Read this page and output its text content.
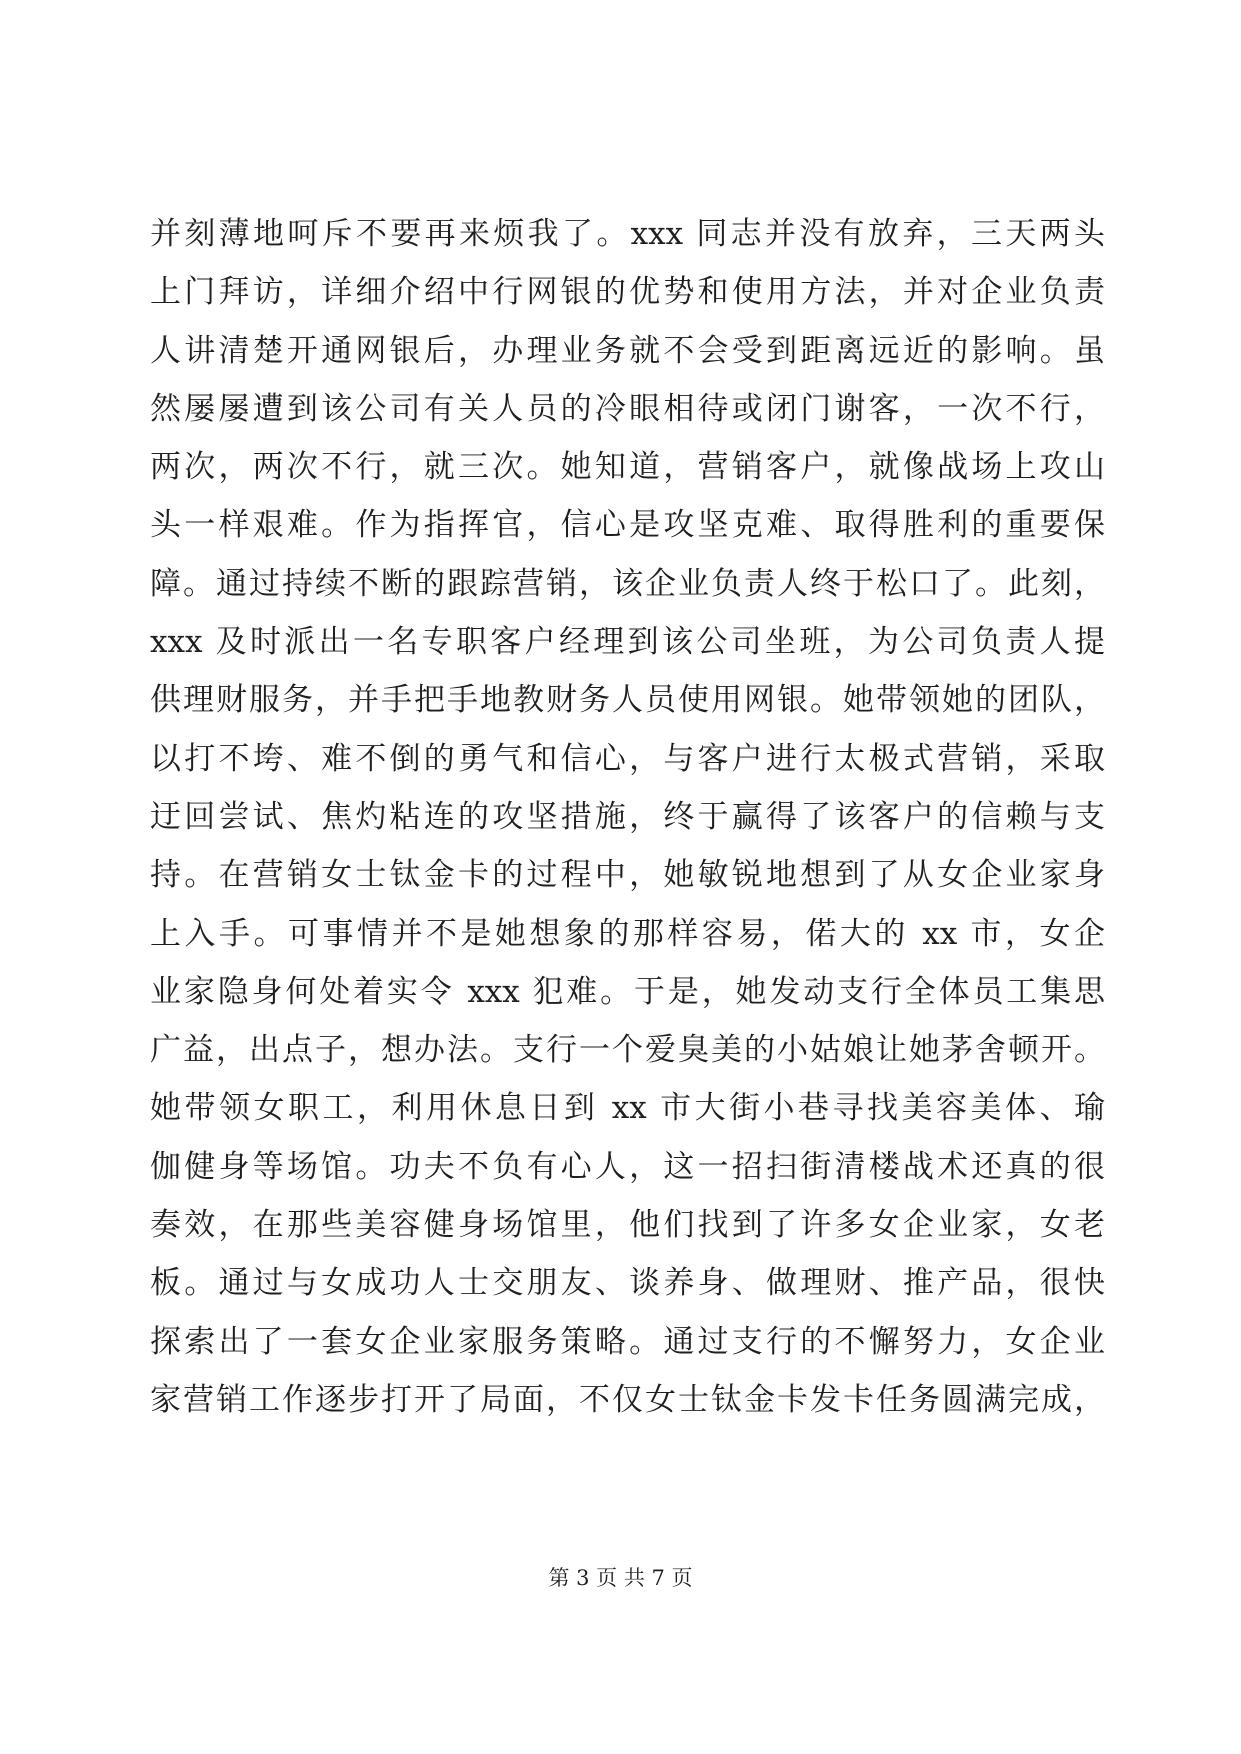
并刻薄地呵斥不要再来烦我了。xxx 同志并没有放弃，三天两头
上门拜访，详细介绍中行网银的优势和使用方法，并对企业负责
人讲清楚开通网银后，办理业务就不会受到距离远近的影响。虽
然屡屡遭到该公司有关人员的冷眼相待或闭门谢客，一次不行，
两次，两次不行，就三次。她知道，营销客户，就像战场上攻山
头一样艰难。作为指挥官，信心是攻坚克难、取得胜利的重要保
障。通过持续不断的跟踪营销，该企业负责人终于松口了。此刻，
xxx 及时派出一名专职客户经理到该公司坐班，为公司负责人提
供理财服务，并手把手地教财务人员使用网银。她带领她的团队，
以打不垮、难不倒的勇气和信心，与客户进行太极式营销，采取
迂回尝试、焦灼粘连的攻坚措施，终于赢得了该客户的信赖与支
持。在营销女士钛金卡的过程中，她敏锐地想到了从女企业家身
上入手。可事情并不是她想象的那样容易，偌大的 xx 市，女企
业家隐身何处着实令 xxx 犯难。于是，她发动支行全体员工集思
广益，出点子，想办法。支行一个爱臭美的小姑娘让她茅舍顿开。
她带领女职工，利用休息日到 xx 市大街小巷寻找美容美体、瑜
伽健身等场馆。功夫不负有心人，这一招扫街清楼战术还真的很
奏效，在那些美容健身场馆里，他们找到了许多女企业家，女老
板。通过与女成功人士交朋友、谈养身、做理财、推产品，很快
探索出了一套女企业家服务策略。通过支行的不懈努力，女企业
家营销工作逐步打开了局面，不仅女士钛金卡发卡任务圆满完成，
第 3 页 共 7 页
